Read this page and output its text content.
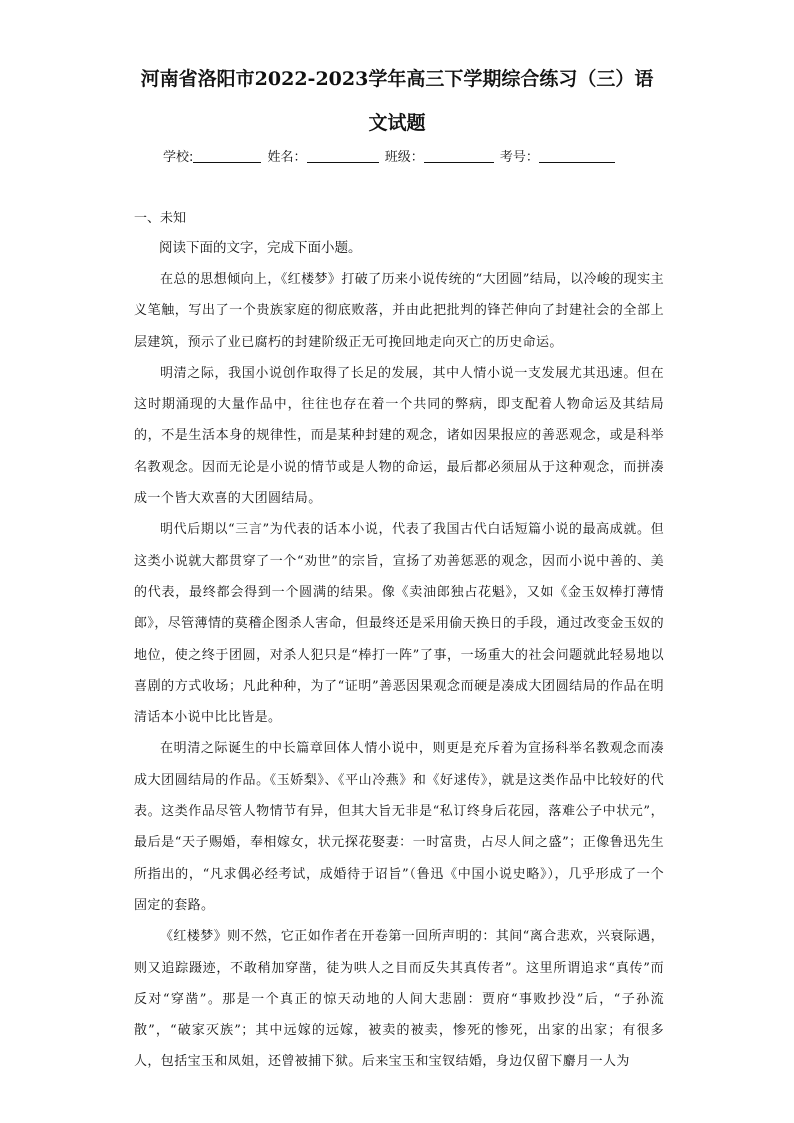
河南省洛阳市2022-2023学年高三下学期综合练习（三）语
文试题
学校:	姓名：	班级：	考号：
一、未知
阅读下面的文字，完成下面小题。

在总的思想倾向上，《红楼梦》打破了历来小说传统的“大团圆”结局，以冷峻的现实主义笔触，写出了一个贵族家庭的彻底败落，并由此把批判的锋芒伸向了封建社会的全部上层建筑，预示了业已腐朽的封建阶级正无可挽回地走向灭亡的历史命运。

明清之际，我国小说创作取得了长足的发展，其中人情小说一支发展尤其迅速。但在这时期涌现的大量作品中，往往也存在着一个共同的弊病，即支配着人物命运及其结局的，不是生活本身的规律性，而是某种封建的观念，诸如因果报应的善恶观念，或是科举名教观念。因而无论是小说的情节或是人物的命运，最后都必须屈从于这种观念，而拼凑成一个皆大欢喜的大团圆结局。

明代后期以“三言”为代表的话本小说，代表了我国古代白话短篇小说的最高成就。但这类小说就大都贯穿了一个“劝世”的宗旨，宣扬了劝善惩恶的观念，因而小说中善的、美的代表，最终都会得到一个圆满的结果。像《卖油郎独占花魁》，又如《金玉奴棒打薄情郎》，尽管薄情的莫稽企图杀人害命，但最终还是采用偷天换日的手段，通过改变金玉奴的地位，使之终于团圆，对杀人犯只是“棒打一阵”了事，一场重大的社会问题就此轻易地以喜剧的方式收场；凡此种种，为了“证明”善恶因果观念而硬是凑成大团圆结局的作品在明清话本小说中比比皆是。

在明清之际诞生的中长篇章回体人情小说中，则更是充斥着为宣扬科举名教观念而凑成大团圆结局的作品。《玉娇梨》、《平山冷燕》和《好逑传》，就是这类作品中比较好的代表。这类作品尽管人物情节有异，但其大旨无非是“私订终身后花园，落难公子中状元”，最后是“天子赐婚，奉相嫁女，状元探花娶妻：一时富贵，占尽人间之盛”；正像鲁迅先生所指出的，“凡求偶必经考试，成婚待于诏旨”（鲁迅《中国小说史略》），几乎形成了一个固定的套路。

《红楼梦》则不然，它正如作者在开卷第一回所声明的：其间“离合悲欢，兴衰际遇，则又追踪蹑迹，不敢稍加穿凿，徒为哄人之目而反失其真传者”。这里所谓追求“真传”而反对“穿凿”。那是一个真正的惊天动地的人间大悲剧：贾府“事败抄没”后，“子孙流散”，“破家灭族”；其中远嫁的远嫁，被卖的被卖，惨死的惨死，出家的出家；有很多人，包括宝玉和凤姐，还曾被捕下狱。后来宝玉和宝钗结婚，身边仅留下麝月一人为
